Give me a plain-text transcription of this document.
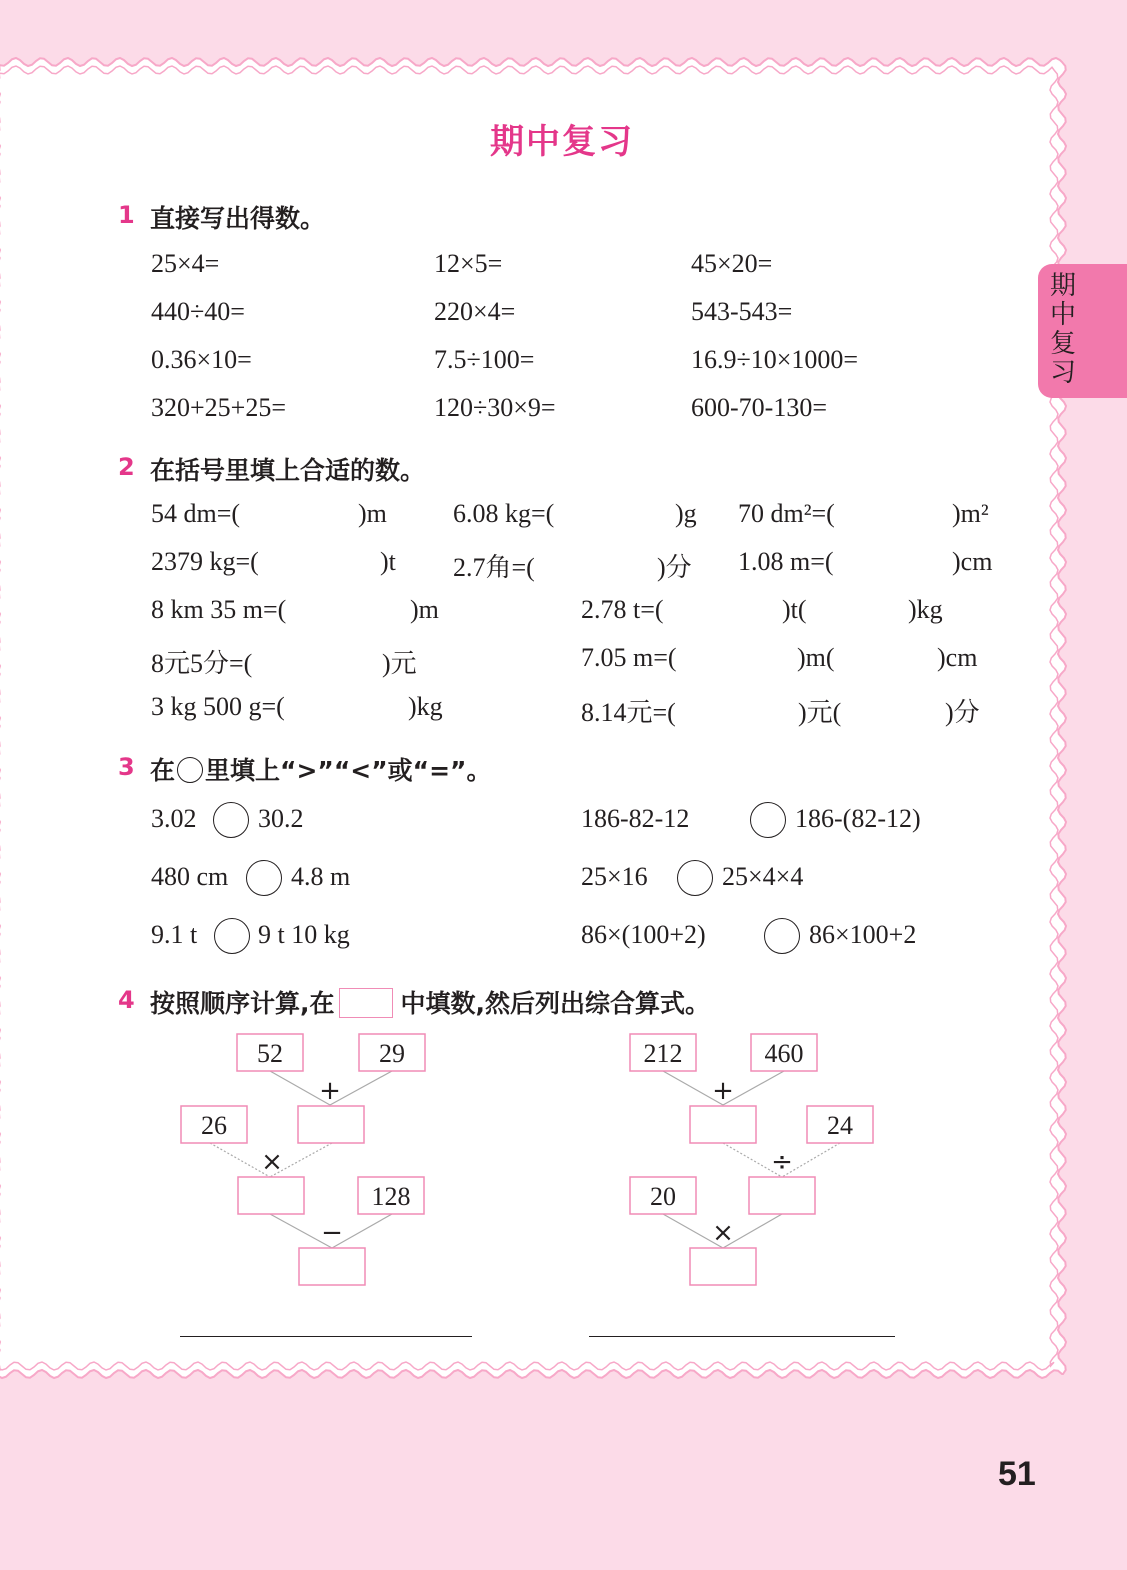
期中复习
期中复习
1 直接写出得数。
25×4=	12×5=	45×20=
440÷40=	220×4=	543-543=
0.36×10=	7.5÷100=	16.9÷10×1000=
320+25+25=	120÷30×9=	600-70-130=
2 在括号里填上合适的数。
54 dm=(	)m	6.08 kg=(	)g 70 dm²=(	)m²
2379 kg=(	)t 2.7角=(	)分 1.08 m=(	)cm
8 km 35 m=(	)m	2.78 t=(	)t(	)kg
8元5分=(	)元	7.05 m=(	)m(	)cm
3 kg 500 g=(	)kg	8.14元=(	)元(	)分
3 在 里填上“>”“<”或“=”。
3.02 30.2	186-82-12	186-(82-12)
480 cm 4.8 m	25×16	25×4×4
9.1 t 9 t 10 kg	86×(100+2)	86×100+2
4 按照顺序计算,在	中填数,然后列出综合算式。
52	29
+
26
×
128
−
212	460
+
24
÷
20
×
51
